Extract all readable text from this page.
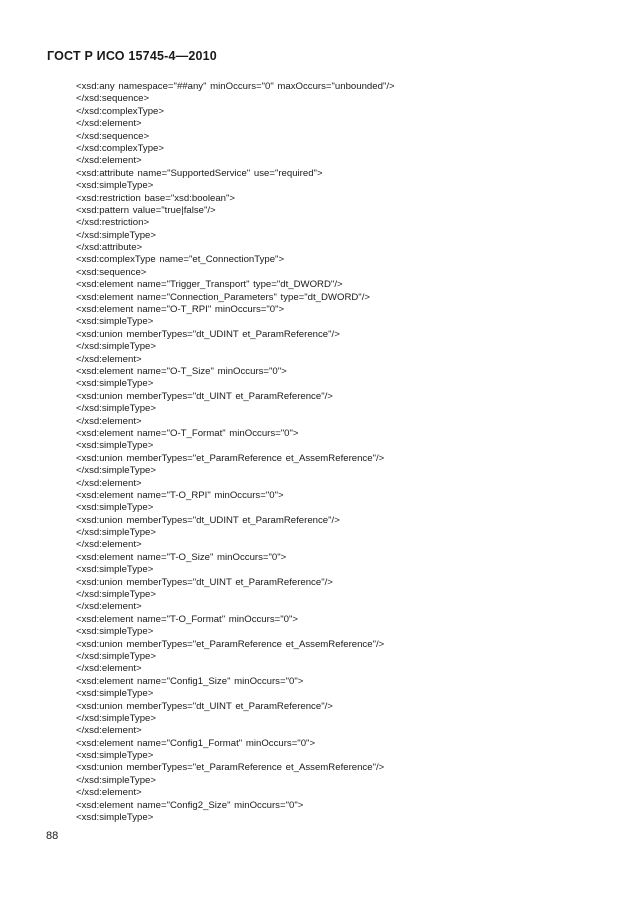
ГОСТ Р ИСО 15745-4—2010
<xsd:any namespace="##any" minOccurs="0" maxOccurs="unbounded"/>
</xsd:sequence>
</xsd:complexType>
</xsd:element>
</xsd:sequence>
</xsd:complexType>
</xsd:element>
<xsd:attribute name="SupportedService" use="required">
<xsd:simpleType>
<xsd:restriction base="xsd:boolean">
<xsd:pattern value="true|false"/>
</xsd:restriction>
</xsd:simpleType>
</xsd:attribute>
<xsd:complexType name="et_ConnectionType">
<xsd:sequence>
<xsd:element name="Trigger_Transport" type="dt_DWORD"/>
<xsd:element name="Connection_Parameters" type="dt_DWORD"/>
<xsd:element name="O-T_RPI" minOccurs="0">
<xsd:simpleType>
<xsd:union memberTypes="dt_UDINT et_ParamReference"/>
</xsd:simpleType>
</xsd:element>
<xsd:element name="O-T_Size" minOccurs="0">
<xsd:simpleType>
<xsd:union memberTypes="dt_UINT et_ParamReference"/>
</xsd:simpleType>
</xsd:element>
<xsd:element name="O-T_Format" minOccurs="0">
<xsd:simpleType>
<xsd:union memberTypes="et_ParamReference et_AssemReference"/>
</xsd:simpleType>
</xsd:element>
<xsd:element name="T-O_RPI" minOccurs="0">
<xsd:simpleType>
<xsd:union memberTypes="dt_UDINT et_ParamReference"/>
</xsd:simpleType>
</xsd:element>
<xsd:element name="T-O_Size" minOccurs="0">
<xsd:simpleType>
<xsd:union memberTypes="dt_UINT et_ParamReference"/>
</xsd:simpleType>
</xsd:element>
<xsd:element name="T-O_Format" minOccurs="0">
<xsd:simpleType>
<xsd:union memberTypes="et_ParamReference et_AssemReference"/>
</xsd:simpleType>
</xsd:element>
<xsd:element name="Config1_Size" minOccurs="0">
<xsd:simpleType>
<xsd:union memberTypes="dt_UINT et_ParamReference"/>
</xsd:simpleType>
</xsd:element>
<xsd:element name="Config1_Format" minOccurs="0">
<xsd:simpleType>
<xsd:union memberTypes="et_ParamReference et_AssemReference"/>
</xsd:simpleType>
</xsd:element>
<xsd:element name="Config2_Size" minOccurs="0">
<xsd:simpleType>
88
